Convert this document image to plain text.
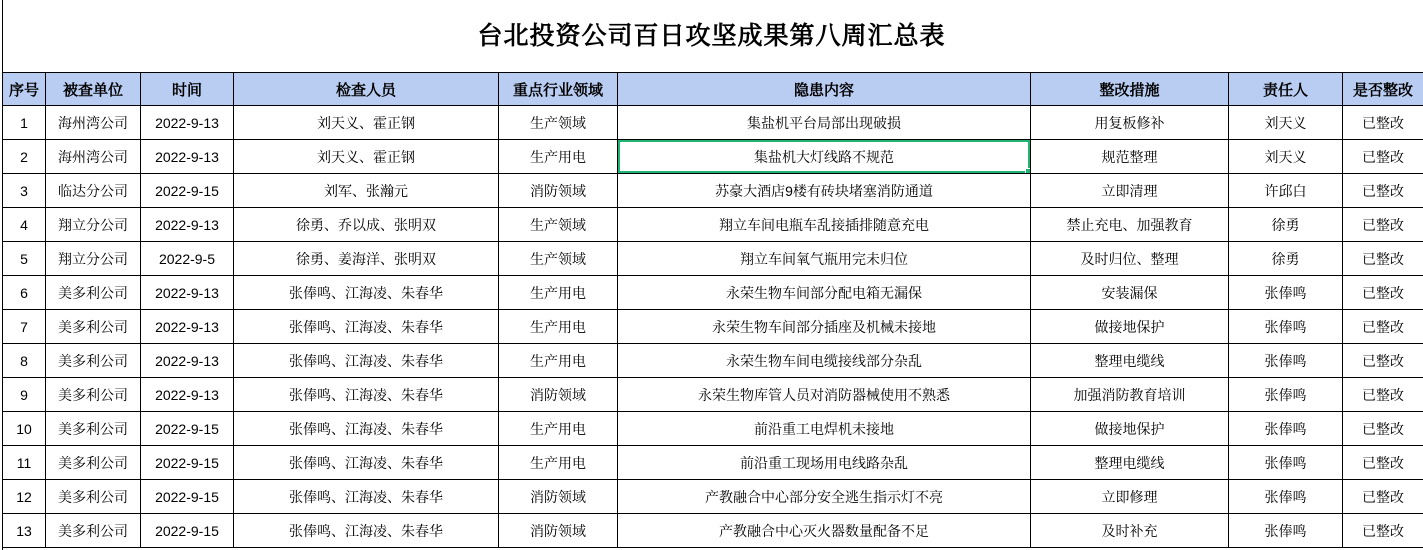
台北投资公司百日攻坚成果第八周汇总表
序号	被查单位	时间	检查人员	重点行业领域	隐患内容	整改措施	责任人	是否整改
1	海州湾公司	2022-9-13	刘天义、霍正钢	生产领域	集盐机平台局部出现破损	用复板修补	刘天义	已整改
2	海州湾公司	2022-9-13	刘天义、霍正钢	生产用电	集盐机大灯线路不规范	规范整理	刘天义	已整改
3	临达分公司	2022-9-15	刘军、张瀚元	消防领域	苏豪大酒店9楼有砖块堵塞消防通道	立即清理	许邱白	已整改
4	翔立分公司	2022-9-13	徐勇、乔以成、张明双	生产领域	翔立车间电瓶车乱接插排随意充电	禁止充电、加强教育	徐勇	已整改
5	翔立分公司	2022-9-5	徐勇、姜海洋、张明双	生产领域	翔立车间氧气瓶用完未归位	及时归位、整理	徐勇	已整改
6	美多利公司	2022-9-13	张俸鸣、江海凌、朱春华	生产用电	永荣生物车间部分配电箱无漏保	安装漏保	张俸鸣	已整改
7	美多利公司	2022-9-13	张俸鸣、江海凌、朱春华	生产用电	永荣生物车间部分插座及机械未接地	做接地保护	张俸鸣	已整改
8	美多利公司	2022-9-13	张俸鸣、江海凌、朱春华	生产用电	永荣生物车间电缆接线部分杂乱	整理电缆线	张俸鸣	已整改
9	美多利公司	2022-9-13	张俸鸣、江海凌、朱春华	消防领域	永荣生物库管人员对消防器械使用不熟悉	加强消防教育培训	张俸鸣	已整改
10	美多利公司	2022-9-15	张俸鸣、江海凌、朱春华	生产用电	前沿重工电焊机未接地	做接地保护	张俸鸣	已整改
11	美多利公司	2022-9-15	张俸鸣、江海凌、朱春华	生产用电	前沿重工现场用电线路杂乱	整理电缆线	张俸鸣	已整改
12	美多利公司	2022-9-15	张俸鸣、江海凌、朱春华	消防领域	产教融合中心部分安全逃生指示灯不亮	立即修理	张俸鸣	已整改
13	美多利公司	2022-9-15	张俸鸣、江海凌、朱春华	消防领域	产教融合中心灭火器数量配备不足	及时补充	张俸鸣	已整改
